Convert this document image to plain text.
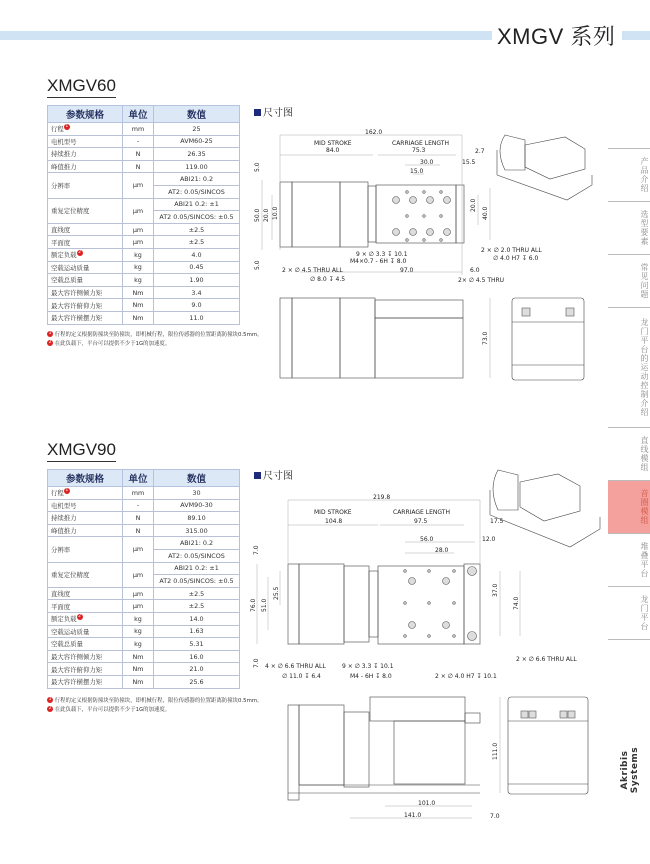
XMGV 系列
XMGV60
参数规格	单位	数值
行程 1	mm	25
电机型号	-	AVM60-25
持续推力	N	26.35
峰值推力	N	119.00
分辨率	μm	ABI21: 0.2
		AT2: 0.05/SINCOS
重复定位精度	μm	ABI21 0.2: ±1
		AT2 0.05/SINCOS: ±0.5
直线度	μm	±2.5
平面度	μm	±2.5
额定负载 2	kg	4.0
空载运动质量	kg	0.45
空载总质量	kg	1.90
最大容许侧倾力矩	Nm	3.4
最大容许俯仰力矩	Nm	9.0
最大容许横摆力矩	Nm	11.0
1 行程的定义根据防撞块至防撞块，即机械行程，限位传感器的位置距离防撞块0.5mm。
2 在此负载下，平台可以提供不少于1G的加速度。
尺寸图
XMGV90
参数规格	单位	数值
行程 1	mm	30
电机型号	-	AVM90-30
持续推力	N	89.10
峰值推力	N	315.00
分辨率	μm	ABI21: 0.2
		AT2: 0.05/SINCOS
重复定位精度	μm	ABI21 0.2: ±1
		AT2 0.05/SINCOS: ±0.5
直线度	μm	±2.5
平面度	μm	±2.5
额定负载 2	kg	14.0
空载运动质量	kg	1.63
空载总质量	kg	5.31
最大容许侧倾力矩	Nm	16.0
最大容许俯仰力矩	Nm	21.0
最大容许横摆力矩	Nm	25.6
1 行程的定义根据防撞块至防撞块，即机械行程，限位传感器的位置距离防撞块0.5mm。
2 在此负载下，平台可以提供不少于1G的加速度。
尺寸图
162.0
MID STROKE
84.0
CARRIAGE LENGTH
75.3	2.7
30.0	15.5
15.0
5.0
50.0 20.0 10.0
20.0
40.0
5.0
9 × ∅ 3.3 ↧ 10.1
M4×0.7 - 6H ↧ 8.0
2 × ∅ 2.0 THRU ALL
∅ 4.0 H7 ↧ 6.0
2 × ∅ 4.5 THRU ALL
∅ 8.0 ↧ 4.5
97.0	6.0
2× ∅ 4.5 THRU
73.0
219.8
MID STROKE
104.8
CARRIAGE LENGTH
97.5	17.5
56.0	12.0
28.0
7.0
76.0 51.0
25.5	37.0
74.0
7.0 4 × ∅ 6.6 THRU ALL
∅ 11.0 ↧ 6.4
9 × ∅ 3.3 ↧ 10.1
M4 - 6H ↧ 8.0	2 × ∅ 4.0 H7 ↧ 10.1
2 × ∅ 6.6 THRU ALL
111.0
101.0
141.0	7.0
产品介绍
选型要素
常见问题
龙门平台的运动控制介绍
直线模组
音圈模组
堆叠平台
龙门平台
Akribis Systems
